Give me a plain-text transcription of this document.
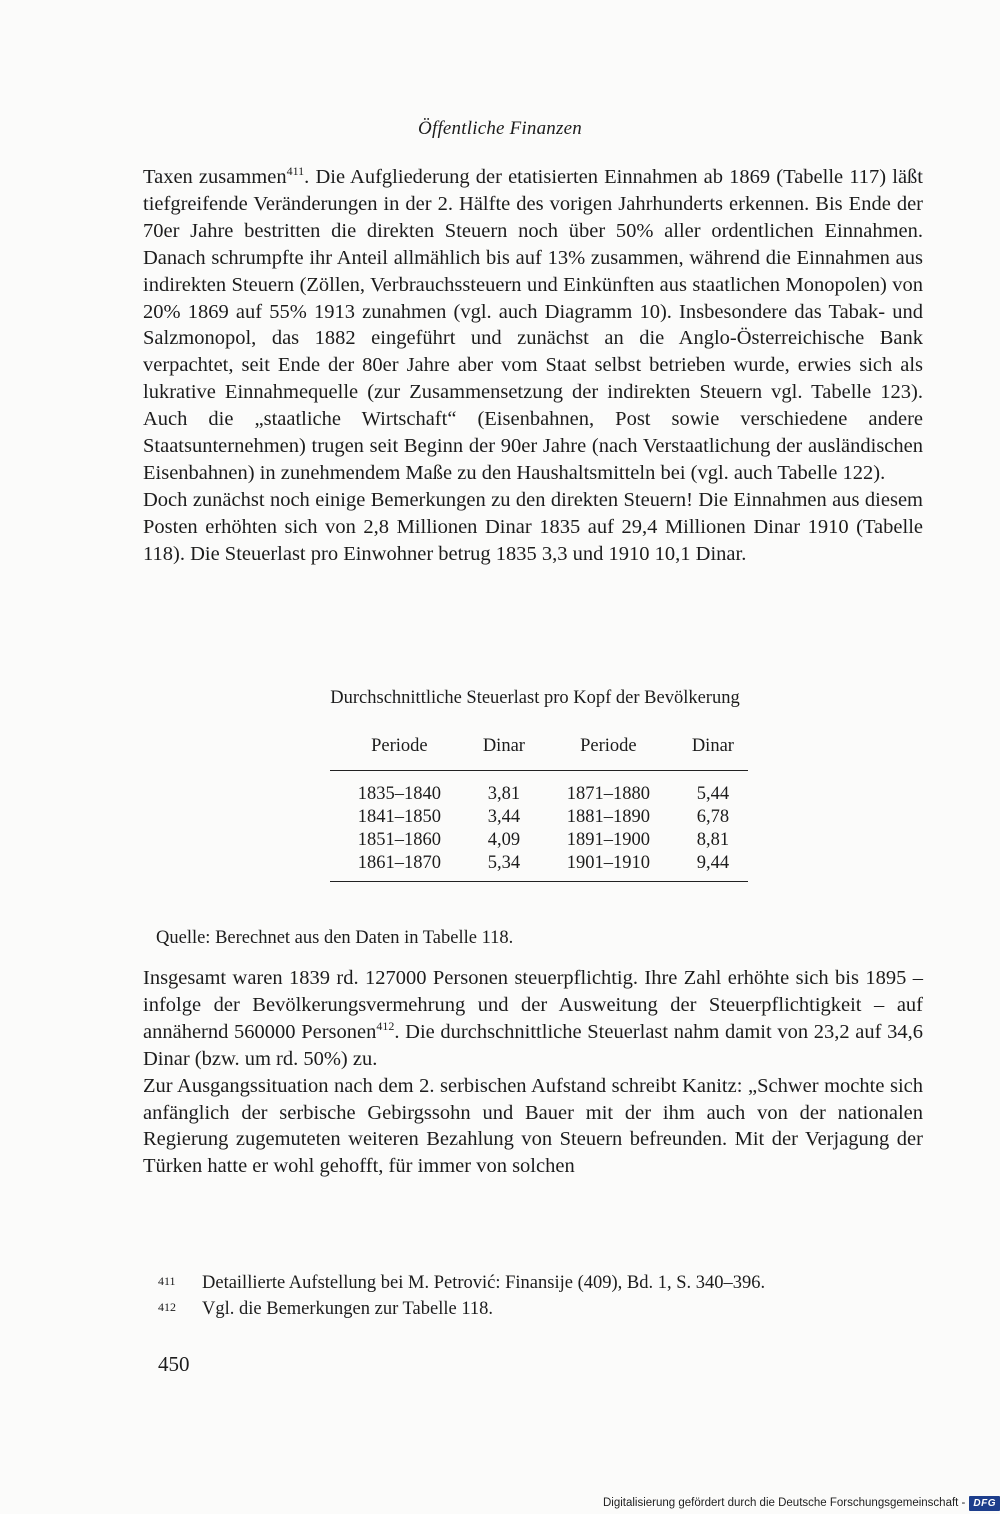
Öffentliche Finanzen

Taxen zusammen$^{411}$. Die Aufgliederung der etatisierten Einnahmen ab 1869 (Tabelle 117) läßt tiefgreifende Veränderungen in der 2. Hälfte des vorigen Jahrhunderts erkennen. Bis Ende der 70er Jahre bestritten die direkten Steuern noch über 50% aller ordentlichen Einnahmen. Danach schrumpfte ihr Anteil allmählich bis auf 13% zusammen, während die Einnahmen aus indirekten Steuern (Zöllen, Verbrauchssteuern und Einkünften aus staatlichen Monopolen) von 20% 1869 auf 55% 1913 zunahmen (vgl. auch Diagramm 10). Insbesondere das Tabak- und Salzmonopol, das 1882 eingeführt und zunächst an die Anglo-Österreichische Bank verpachtet, seit Ende der 80er Jahre aber vom Staat selbst betrieben wurde, erwies sich als lukrative Einnahmequelle (zur Zusammensetzung der indirekten Steuern vgl. Tabelle 123). Auch die „staatliche Wirtschaft“ (Eisenbahnen, Post sowie verschiedene andere Staatsunternehmen) trugen seit Beginn der 90er Jahre (nach Verstaatlichung der ausländischen Eisenbahnen) in zunehmendem Maße zu den Haushaltsmitteln bei (vgl. auch Tabelle 122).

Doch zunächst noch einige Bemerkungen zu den direkten Steuern! Die Einnahmen aus diesem Posten erhöhten sich von 2,8 Millionen Dinar 1835 auf 29,4 Millionen Dinar 1910 (Tabelle 118). Die Steuerlast pro Einwohner betrug 1835 3,3 und 1910 10,1 Dinar.

Durchschnittliche Steuerlast pro Kopf der Bevölkerung
Periode	Dinar	Periode	Dinar
1835–1840	3,81	1871–1880	5,44
1841–1850	3,44	1881–1890	6,78
1851–1860	4,09	1891–1900	8,81
1861–1870	5,34	1901–1910	9,44
Quelle: Berechnet aus den Daten in Tabelle 118.

Insgesamt waren 1839 rd. 127000 Personen steuerpflichtig. Ihre Zahl erhöhte sich bis 1895 – infolge der Bevölkerungsvermehrung und der Ausweitung der Steuerpflichtigkeit – auf annähernd 560000 Personen$^{412}$. Die durchschnittliche Steuerlast nahm damit von 23,2 auf 34,6 Dinar (bzw. um rd. 50%) zu.

Zur Ausgangssituation nach dem 2. serbischen Aufstand schreibt Kanitz: „Schwer mochte sich anfänglich der serbische Gebirgssohn und Bauer mit der ihm auch von der nationalen Regierung zugemuteten weiteren Bezahlung von Steuern befreunden. Mit der Verjagung der Türken hatte er wohl gehofft, für immer von solchen

411	Detaillierte Aufstellung bei M. Petrović: Finansije (409), Bd. 1, S. 340–396.
412	Vgl. die Bemerkungen zur Tabelle 118.
450
Digitalisierung gefördert durch die Deutsche Forschungsgemeinschaft - DFG
